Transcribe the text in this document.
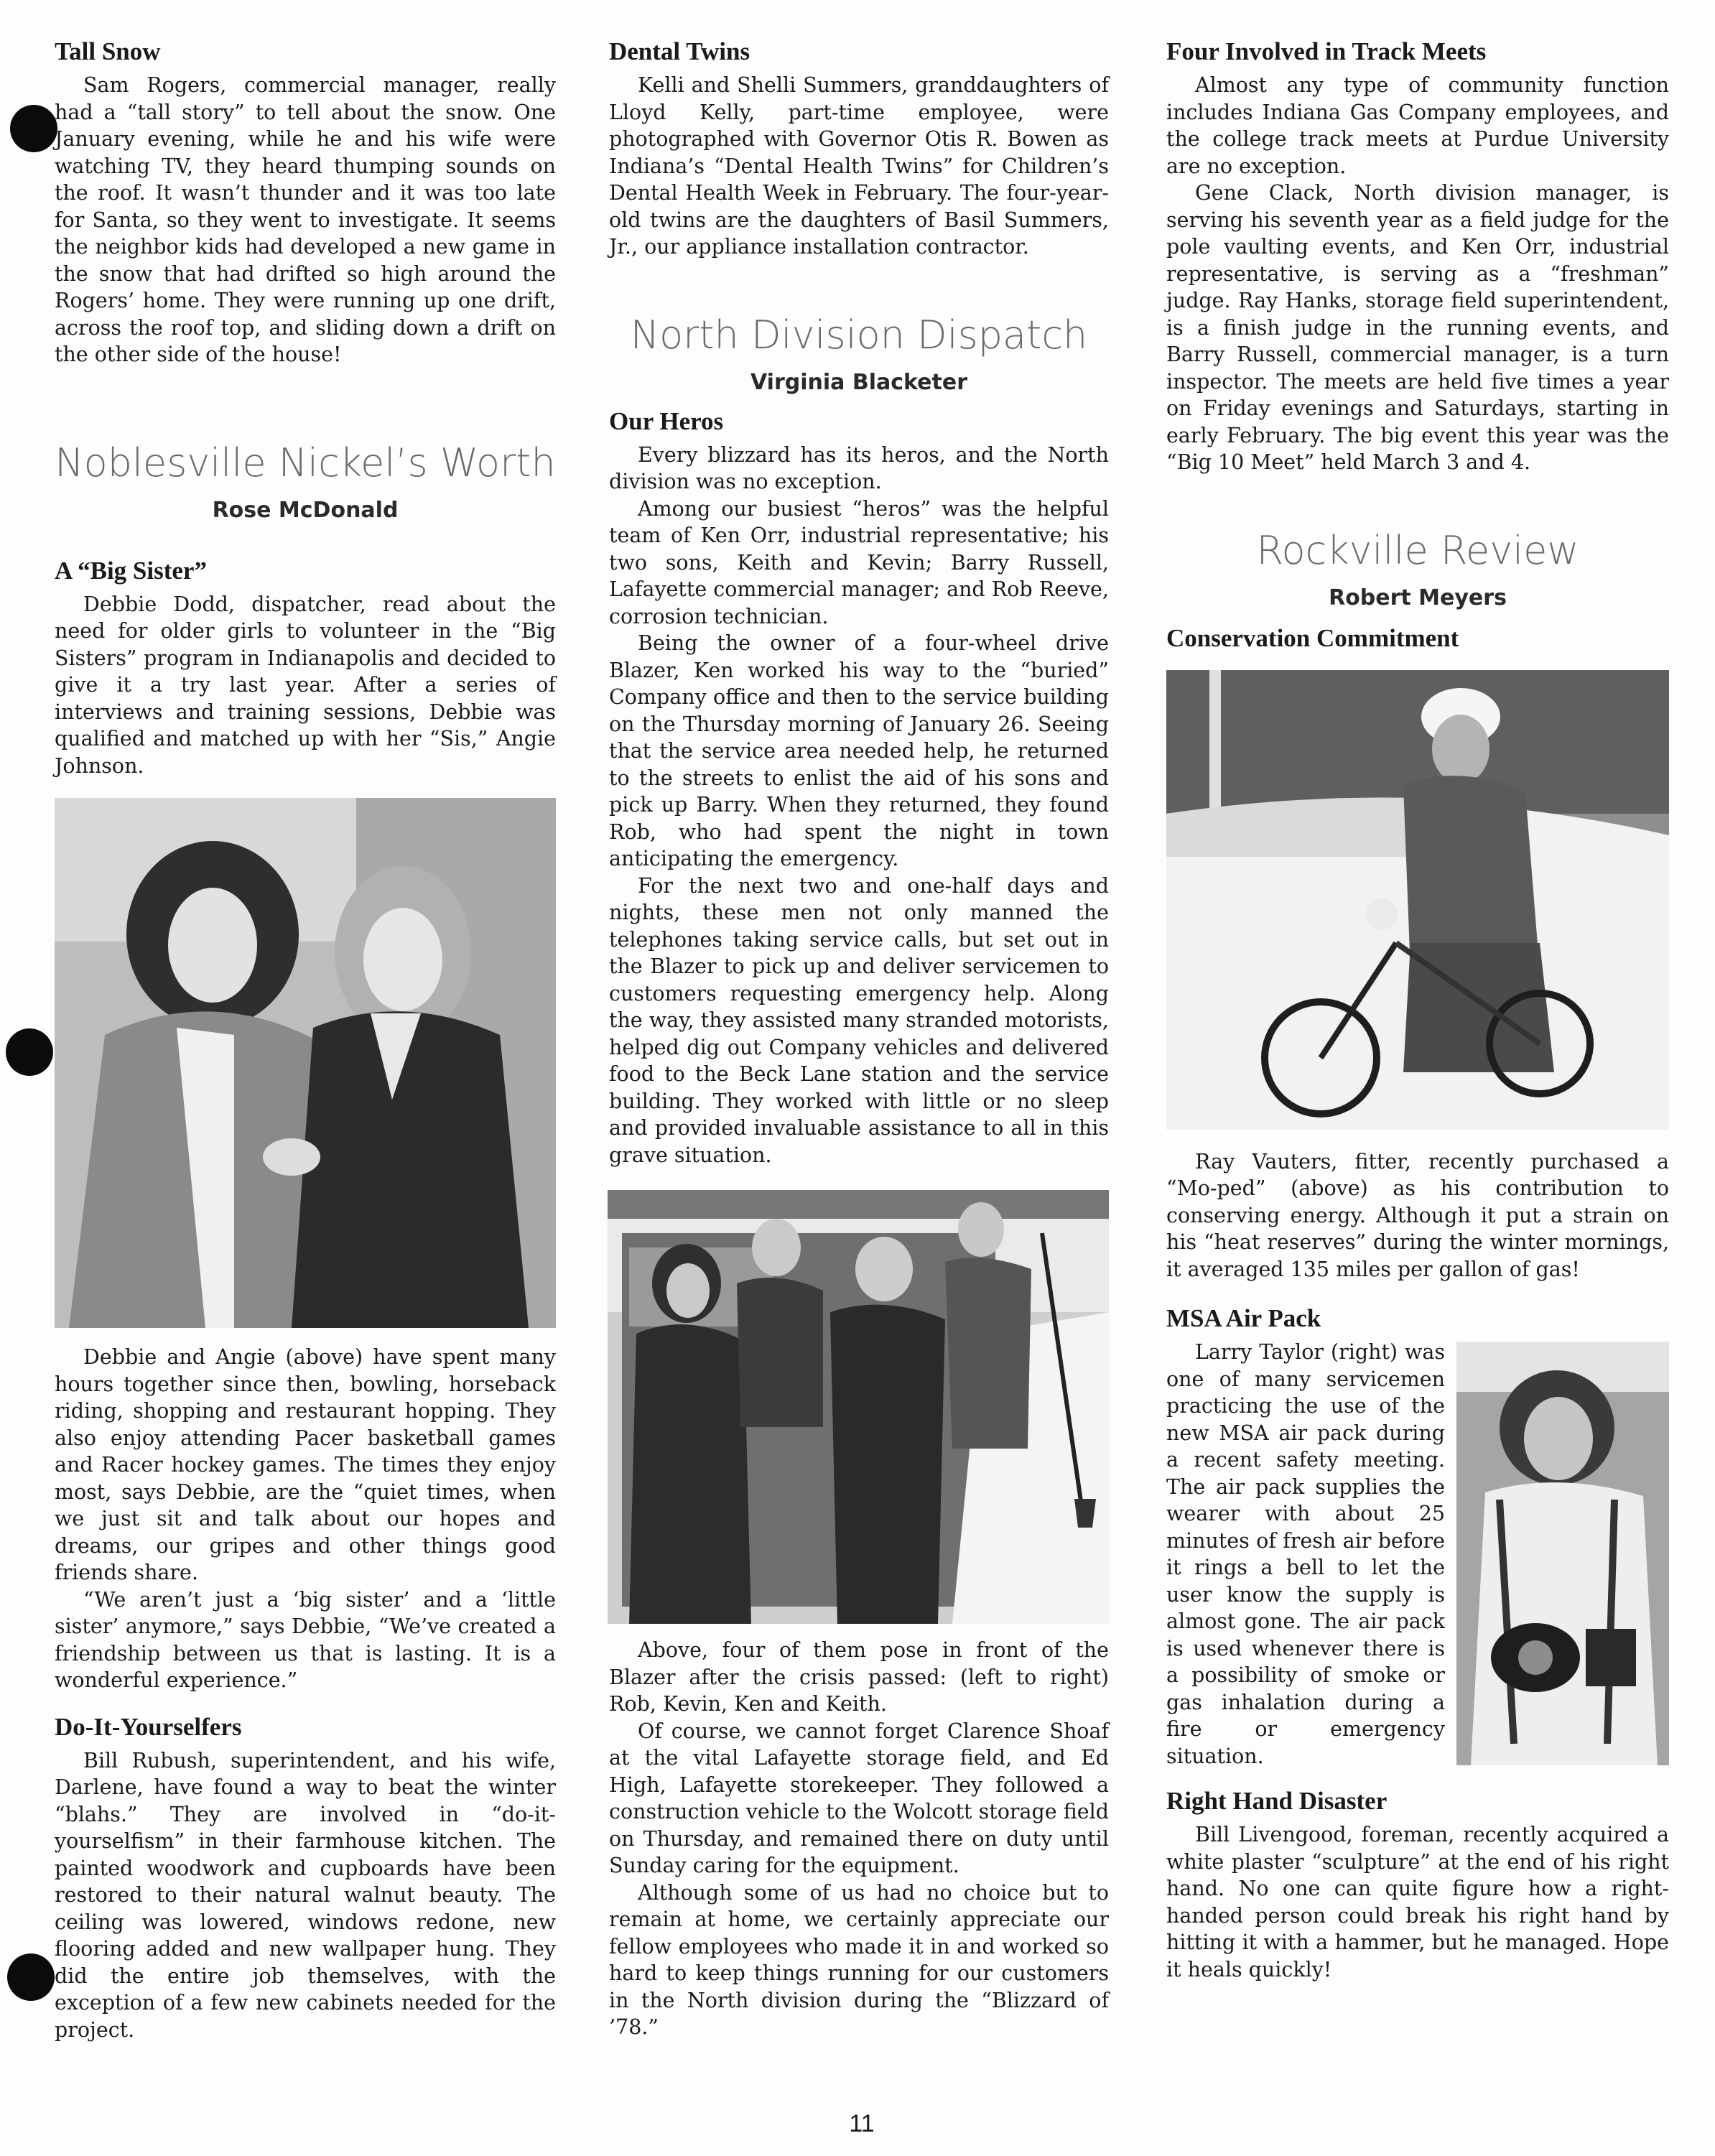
Tall Snow

Sam Rogers, commercial manager, really had a “tall story” to tell about the snow. One January evening, while he and his wife were watching TV, they heard thumping sounds on the roof. It wasn’t thunder and it was too late for Santa, so they went to investigate. It seems the neighbor kids had developed a new game in the snow that had drifted so high around the Rogers’ home. They were running up one drift, across the roof top, and sliding down a drift on the other side of the house!

Noblesville Nickel’s Worth
Rose McDonald
A “Big Sister”

Debbie Dodd, dispatcher, read about the need for older girls to volunteer in the “Big Sisters” program in Indianapolis and decided to give it a try last year. After a series of interviews and training sessions, Debbie was qualified and matched up with her “Sis,” Angie Johnson.

Debbie and Angie (above) have spent many hours together since then, bowling, horseback riding, shopping and restaurant hopping. They also enjoy attending Pacer basketball games and Racer hockey games. The times they enjoy most, says Debbie, are the “quiet times, when we just sit and talk about our hopes and dreams, our gripes and other things good friends share.

“We aren’t just a ‘big sister’ and a ‘little sister’ anymore,” says Debbie, “We’ve created a friendship between us that is lasting. It is a wonderful experience.”

Do-It-Yourselfers

Bill Rubush, superintendent, and his wife, Darlene, have found a way to beat the winter “blahs.” They are involved in “do-it-yourselfism” in their farmhouse kitchen. The painted woodwork and cupboards have been restored to their natural walnut beauty. The ceiling was lowered, windows redone, new flooring added and new wallpaper hung. They did the entire job themselves, with the exception of a few new cabinets needed for the project.

Dental Twins

Kelli and Shelli Summers, granddaughters of Lloyd Kelly, part-time employee, were photographed with Governor Otis R. Bowen as Indiana’s “Dental Health Twins” for Children’s Dental Health Week in February. The four-year-old twins are the daughters of Basil Summers, Jr., our appliance installation contractor.

North Division Dispatch
Virginia Blacketer
Our Heros

Every blizzard has its heros, and the North division was no exception.

Among our busiest “heros” was the helpful team of Ken Orr, industrial representative; his two sons, Keith and Kevin; Barry Russell, Lafayette commercial manager; and Rob Reeve, corrosion technician.

Being the owner of a four-wheel drive Blazer, Ken worked his way to the “buried” Company office and then to the service building on the Thursday morning of January 26. Seeing that the service area needed help, he returned to the streets to enlist the aid of his sons and pick up Barry. When they returned, they found Rob, who had spent the night in town anticipating the emergency.

For the next two and one-half days and nights, these men not only manned the telephones taking service calls, but set out in the Blazer to pick up and deliver servicemen to customers requesting emergency help. Along the way, they assisted many stranded motorists, helped dig out Company vehicles and delivered food to the Beck Lane station and the service building. They worked with little or no sleep and provided invaluable assistance to all in this grave situation.

Above, four of them pose in front of the Blazer after the crisis passed: (left to right) Rob, Kevin, Ken and Keith.

Of course, we cannot forget Clarence Shoaf at the vital Lafayette storage field, and Ed High, Lafayette storekeeper. They followed a construction vehicle to the Wolcott storage field on Thursday, and remained there on duty until Sunday caring for the equipment.

Although some of us had no choice but to remain at home, we certainly appreciate our fellow employees who made it in and worked so hard to keep things running for our customers in the North division during the “Blizzard of ’78.”

Four Involved in Track Meets

Almost any type of community function includes Indiana Gas Company employees, and the college track meets at Purdue University are no exception.

Gene Clack, North division manager, is serving his seventh year as a field judge for the pole vaulting events, and Ken Orr, industrial representative, is serving as a “freshman” judge. Ray Hanks, storage field superintendent, is a finish judge in the running events, and Barry Russell, commercial manager, is a turn inspector. The meets are held five times a year on Friday evenings and Saturdays, starting in early February. The big event this year was the “Big 10 Meet” held March 3 and 4.

Rockville Review
Robert Meyers
Conservation Commitment

Ray Vauters, fitter, recently purchased a “Mo-ped” (above) as his contribution to conserving energy. Although it put a strain on his “heat reserves” during the winter mornings, it averaged 135 miles per gallon of gas!

MSA Air Pack

Larry Taylor (right) was one of many servicemen practicing the use of the new MSA air pack during a recent safety meeting. The air pack supplies the wearer with about 25 minutes of fresh air before it rings a bell to let the user know the supply is almost gone. The air pack is used whenever there is a possibility of smoke or gas inhalation during a fire or emergency situation.

Right Hand Disaster

Bill Livengood, foreman, recently acquired a white plaster “sculpture” at the end of his right hand. No one can quite figure how a right-handed person could break his right hand by hitting it with a hammer, but he managed. Hope it heals quickly!

11
